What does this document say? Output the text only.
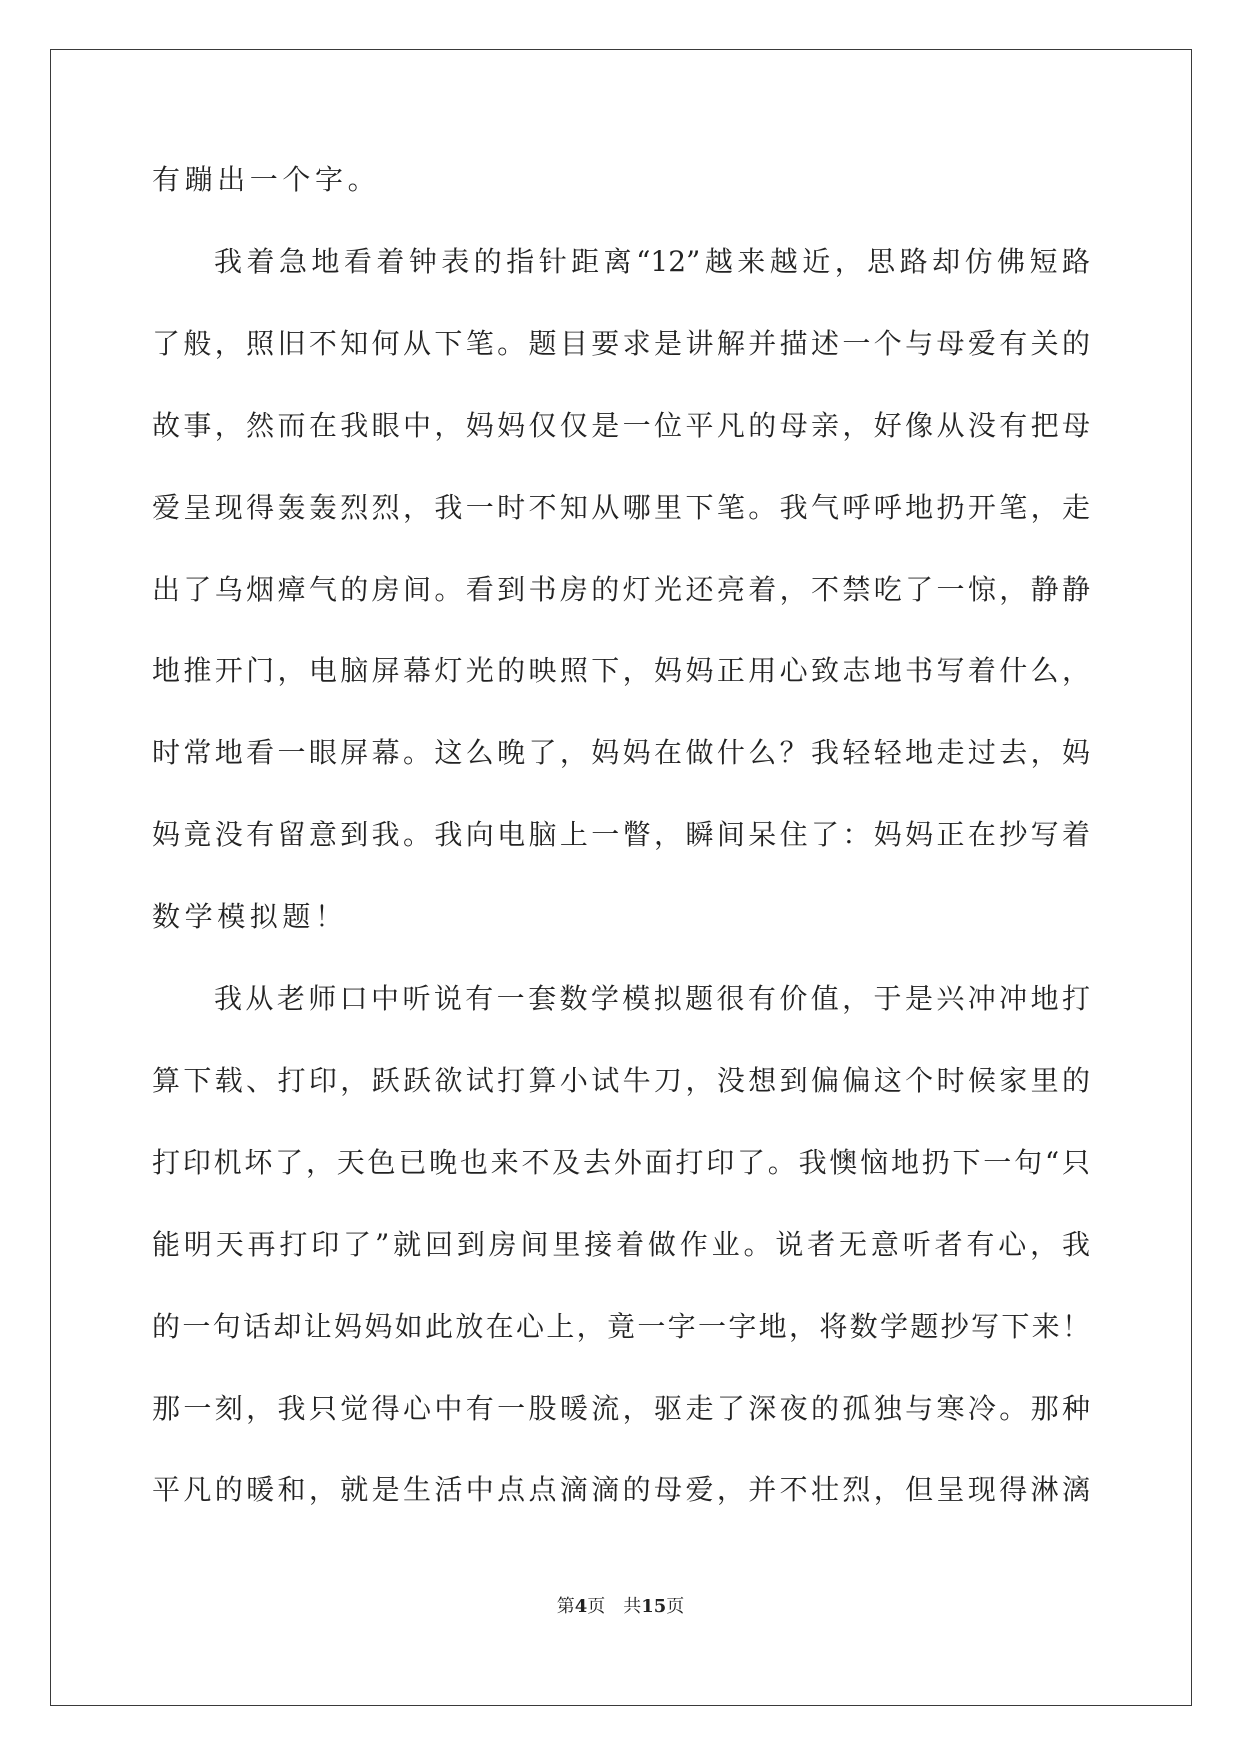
有蹦出一个字。
我着急地看着钟表的指针距离“12”越来越近，思路却仿佛短路
了般，照旧不知何从下笔。题目要求是讲解并描述一个与母爱有关的
故事，然而在我眼中，妈妈仅仅是一位平凡的母亲，好像从没有把母
爱呈现得轰轰烈烈，我一时不知从哪里下笔。我气呼呼地扔开笔，走
出了乌烟瘴气的房间。看到书房的灯光还亮着，不禁吃了一惊，静静
地推开门，电脑屏幕灯光的映照下，妈妈正用心致志地书写着什么，
时常地看一眼屏幕。这么晚了，妈妈在做什么？我轻轻地走过去，妈
妈竟没有留意到我。我向电脑上一瞥，瞬间呆住了：妈妈正在抄写着
数学模拟题！
我从老师口中听说有一套数学模拟题很有价值，于是兴冲冲地打
算下载、打印，跃跃欲试打算小试牛刀，没想到偏偏这个时候家里的
打印机坏了，天色已晚也来不及去外面打印了。我懊恼地扔下一句“只
能明天再打印了”就回到房间里接着做作业。说者无意听者有心，我
的一句话却让妈妈如此放在心上，竟一字一字地，将数学题抄写下来！
那一刻，我只觉得心中有一股暖流，驱走了深夜的孤独与寒冷。那种
平凡的暖和，就是生活中点点滴滴的母爱，并不壮烈，但呈现得淋漓
第4页 共15页
